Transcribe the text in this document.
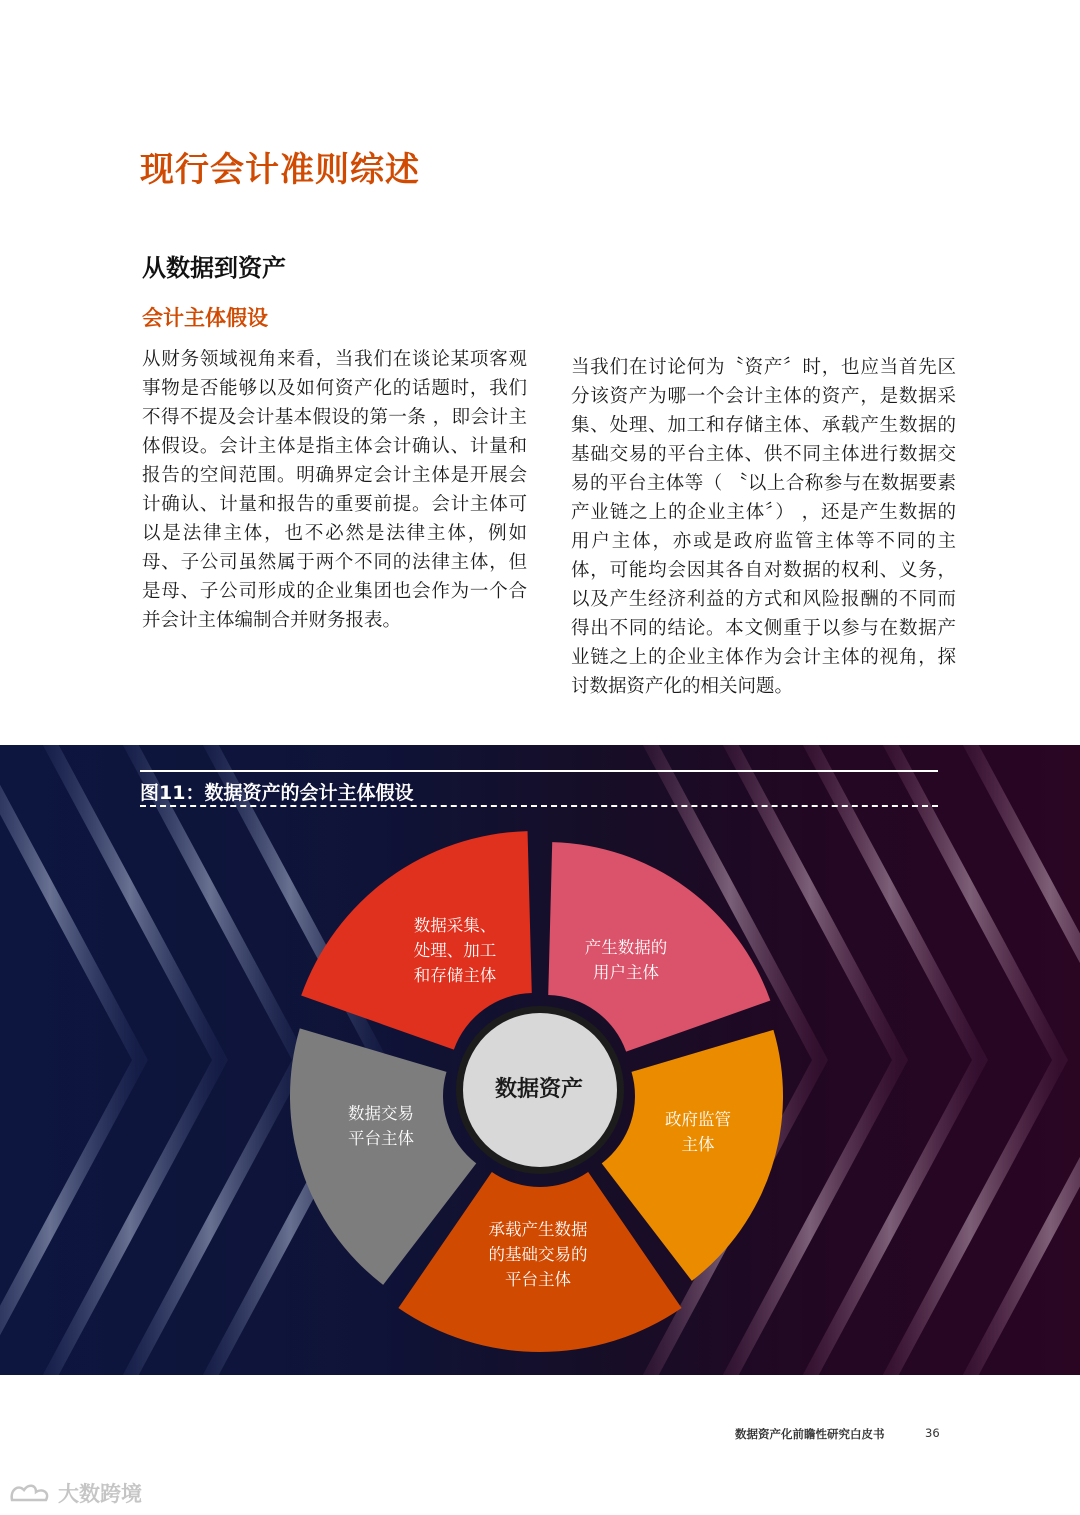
现行会计准则综述
从数据到资产
会计主体假设

从财务领域视角来看，当我们在谈论某项客观事物是否能够以及如何资产化的话题时，我们不得不提及会计基本假设的第一条 ，即会计主体假设。会计主体是指主体会计确认、计量和报告的空间范围。明确界定会计主体是开展会计确认、计量和报告的重要前提。会计主体可以是法律主体，也不必然是法律主体，例如母、子公司虽然属于两个不同的法律主体，但是母、子公司形成的企业集团也会作为一个合并会计主体编制合并财务报表。

当我们在讨论何为〝资产〞时，也应当首先区分该资产为哪一个会计主体的资产，是数据采集、处理、加工和存储主体、承载产生数据的基础交易的平台主体、供不同主体进行数据交易的平台主体等（ 〝以上合称参与在数据要素产业链之上的企业主体〞） ，还是产生数据的用户主体，亦或是政府监管主体等不同的主体，可能均会因其各自对数据的权利、义务，以及产生经济利益的方式和风险报酬的不同而得出不同的结论。本文侧重于以参与在数据产业链之上的企业主体作为会计主体的视角，探讨数据资产化的相关问题。

图11：数据资产的会计主体假设

数据采集、
处理、加工
和存储主体
产生数据的
用户主体
政府监管
主体
承载产生数据
的基础交易的
平台主体
数据交易
平台主体
数据资产

数据资产化前瞻性研究白皮书	36

大数跨境
